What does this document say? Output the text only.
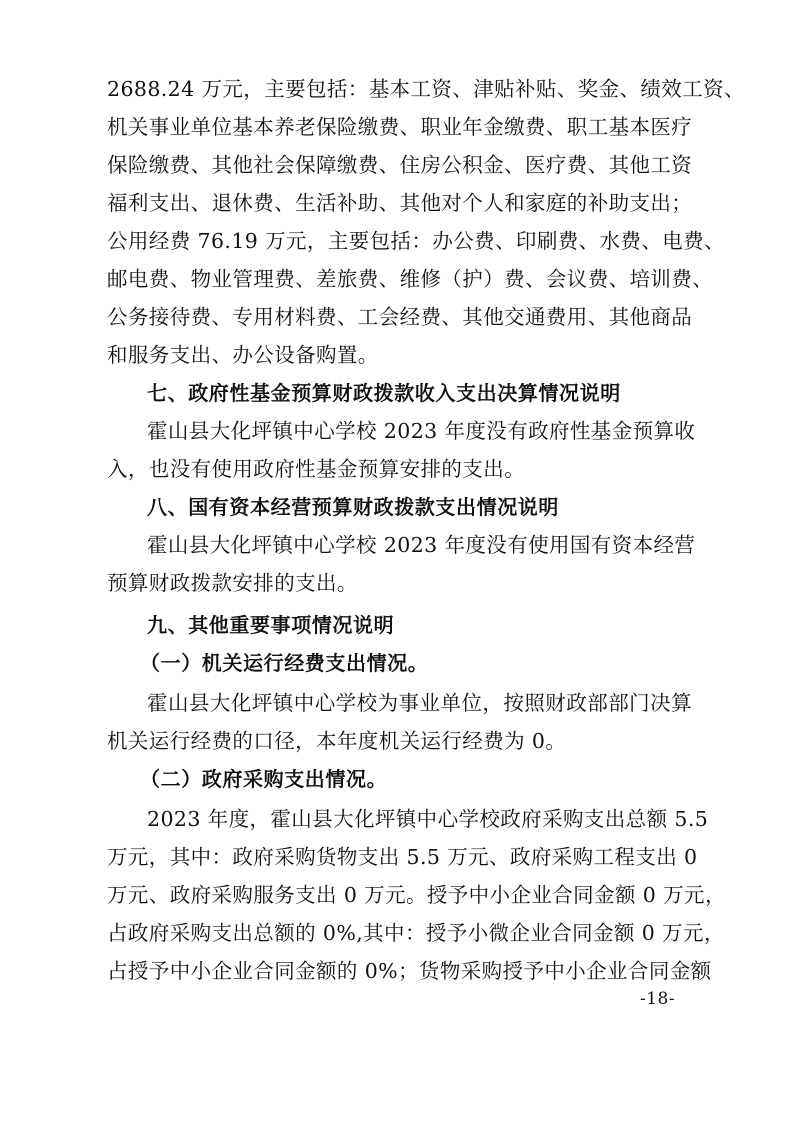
2688.24 万元，主要包括：基本工资、津贴补贴、奖金、绩效工资、
机关事业单位基本养老保险缴费、职业年金缴费、职工基本医疗
保险缴费、其他社会保障缴费、住房公积金、医疗费、其他工资
福利支出、退休费、生活补助、其他对个人和家庭的补助支出；
公用经费 76.19 万元，主要包括：办公费、印刷费、水费、电费、
邮电费、物业管理费、差旅费、维修（护）费、会议费、培训费、
公务接待费、专用材料费、工会经费、其他交通费用、其他商品
和服务支出、办公设备购置。
七、政府性基金预算财政拨款收入支出决算情况说明
霍山县大化坪镇中心学校 2023 年度没有政府性基金预算收
入，也没有使用政府性基金预算安排的支出。
八、国有资本经营预算财政拨款支出情况说明
霍山县大化坪镇中心学校 2023 年度没有使用国有资本经营
预算财政拨款安排的支出。
九、其他重要事项情况说明
（一）机关运行经费支出情况。
霍山县大化坪镇中心学校为事业单位，按照财政部部门决算
机关运行经费的口径，本年度机关运行经费为 0。
（二）政府采购支出情况。
2023 年度，霍山县大化坪镇中心学校政府采购支出总额 5.5
万元，其中：政府采购货物支出 5.5 万元、政府采购工程支出 0
万元、政府采购服务支出 0 万元。授予中小企业合同金额 0 万元，
占政府采购支出总额的 0%,其中：授予小微企业合同金额 0 万元，
占授予中小企业合同金额的 0%；货物采购授予中小企业合同金额
-18-
